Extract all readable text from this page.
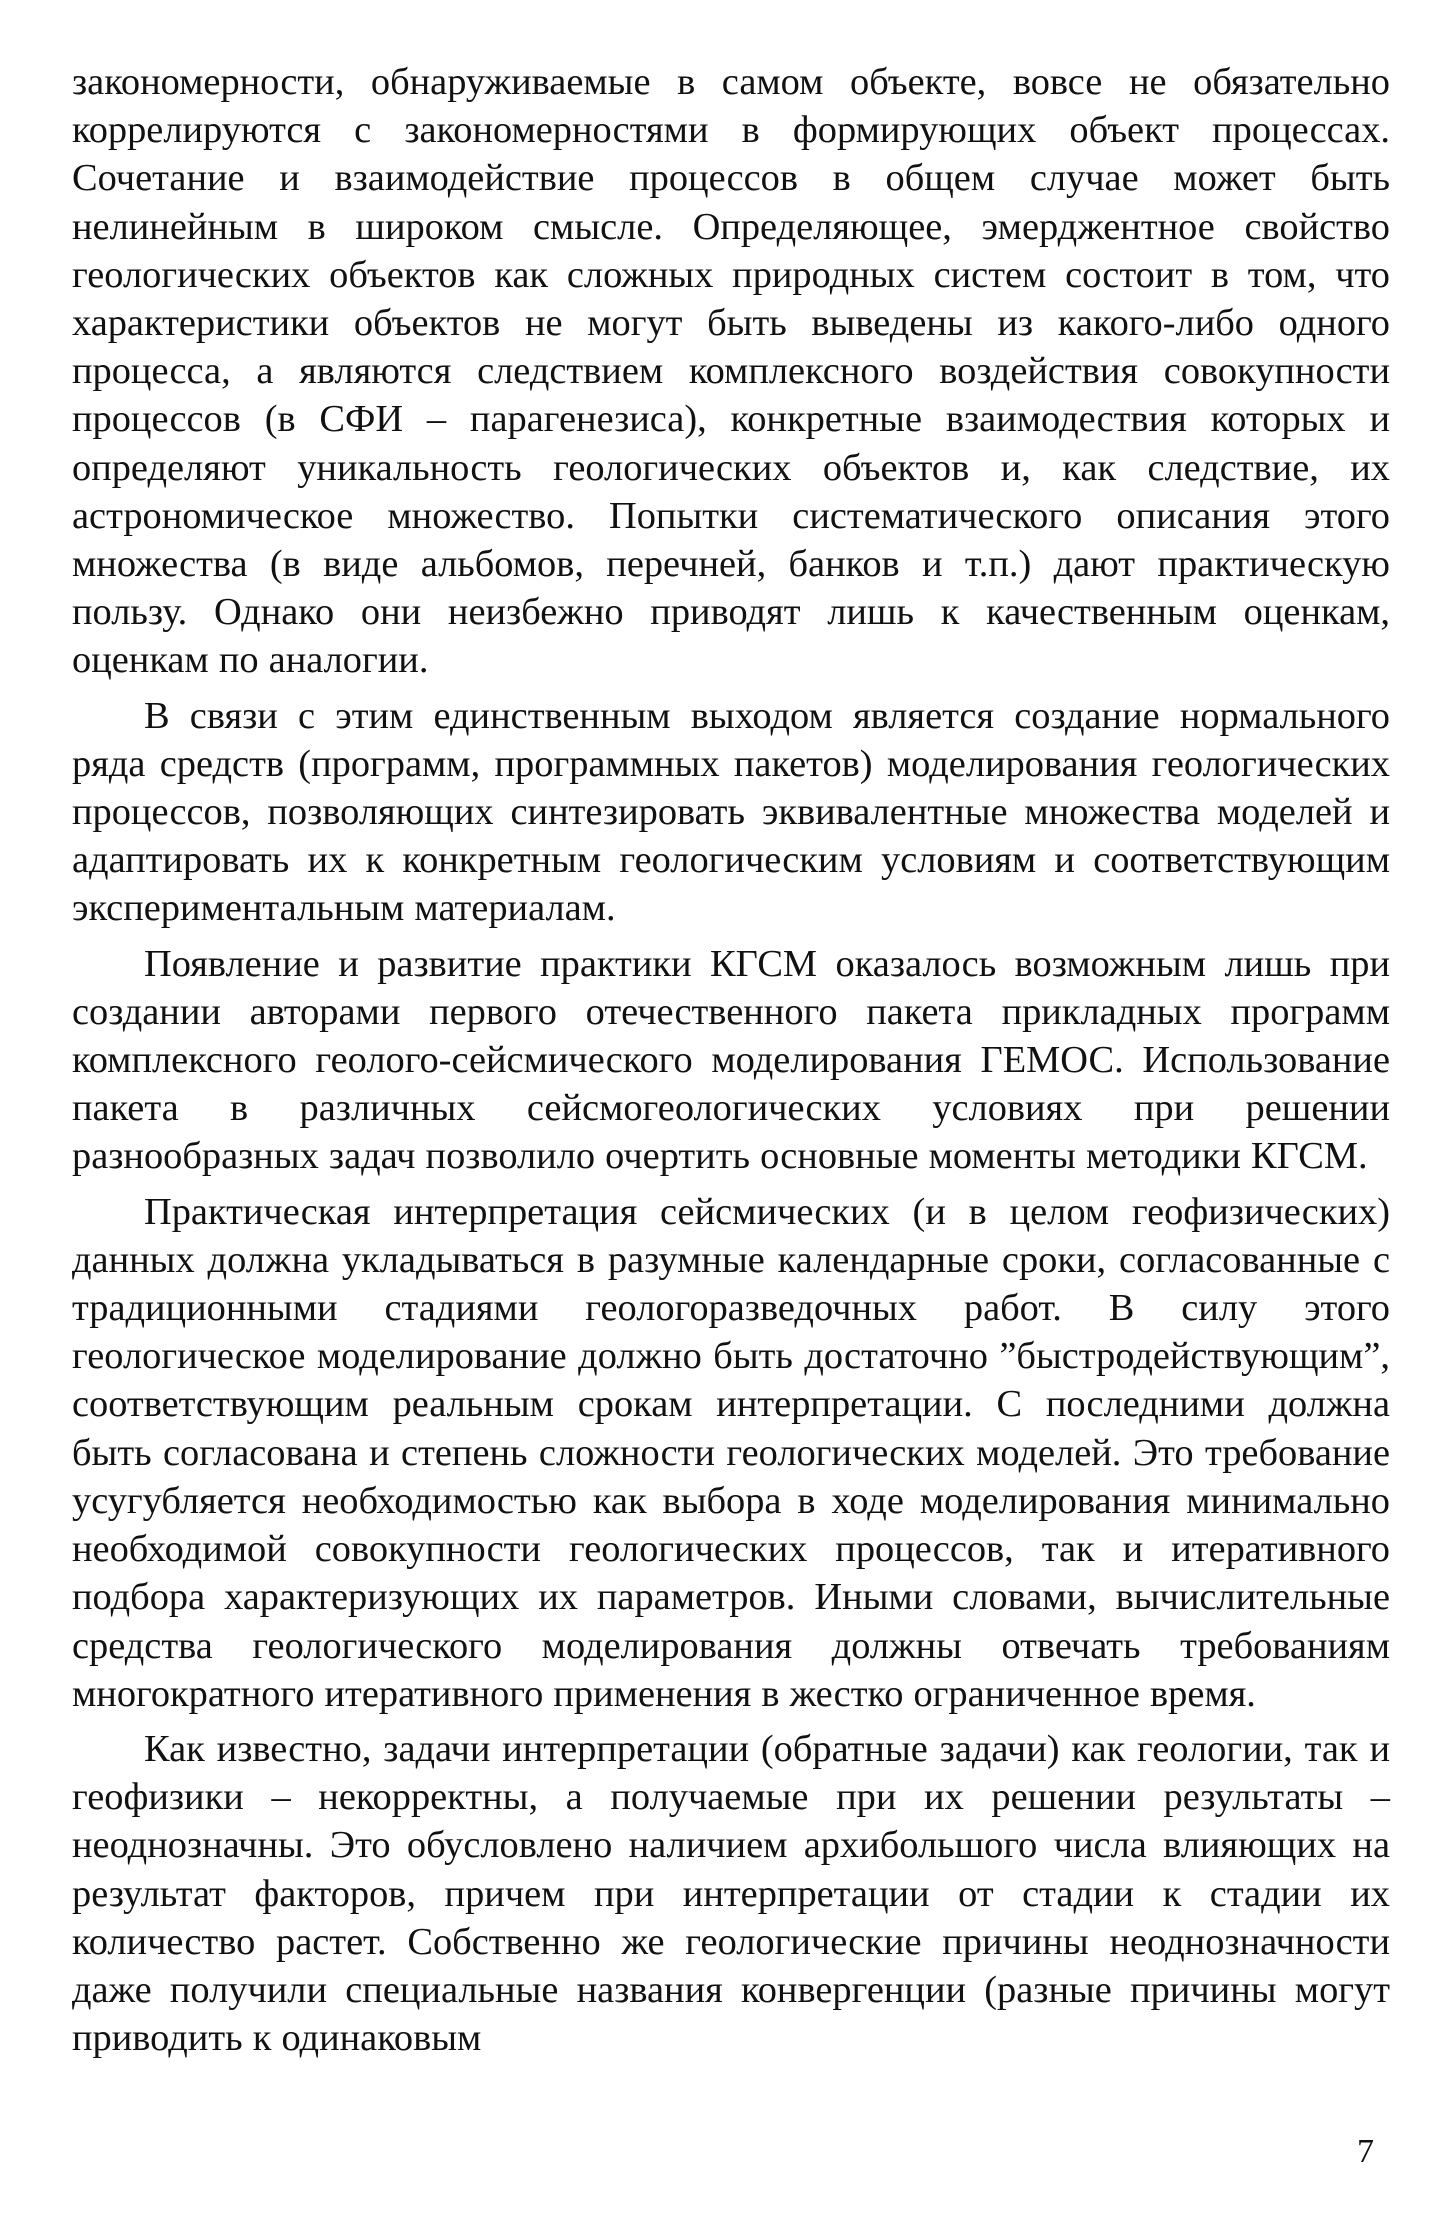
закономерности, обнаруживаемые в самом объекте, вовсе не обязательно коррелируются с закономерностями в формирующих объект процессах. Сочетание и взаимодействие процессов в общем случае может быть нелинейным в широком смысле. Определяющее, эмерджентное свойство геологических объектов как сложных природных систем состоит в том, что характеристики объектов не могут быть выведены из какого-либо одного процесса, а являются следствием комплексного воздействия совокупности процессов (в СФИ – парагенезиса), конкретные взаимодествия которых и определяют уникальность геологических объектов и, как следствие, их астрономическое множество. Попытки систематического описания этого множества (в виде альбомов, перечней, банков и т.п.) дают практическую пользу. Однако они неизбежно приводят лишь к качественным оценкам, оценкам по аналогии.

В связи с этим единственным выходом является создание нормального ряда средств (программ, программных пакетов) моделирования геологических процессов, позволяющих синтезировать эквивалентные множества моделей и адаптировать их к конкретным геологическим условиям и соответствующим экспериментальным материалам.

Появление и развитие практики КГСМ оказалось возможным лишь при создании авторами первого отечественного пакета прикладных программ комплексного геолого-сейсмического моделирования ГЕМОС. Использование пакета в различных сейсмогеологических условиях при решении разнообразных задач позволило очертить основные моменты методики КГСМ.

Практическая интерпретация сейсмических (и в целом геофизических) данных должна укладываться в разумные календарные сроки, согласованные с традиционными стадиями геологоразведочных работ. В силу этого геологическое моделирование должно быть достаточно ”быстродействующим”, соответствующим реальным срокам интерпретации. С последними должна быть согласована и степень сложности геологических моделей. Это требование усугубляется необходимостью как выбора в ходе моделирования минимально необходимой совокупности геологических процессов, так и итеративного подбора характеризующих их параметров. Иными словами, вычислительные средства геологического моделирования должны отвечать требованиям многократного итеративного применения в жестко ограниченное время.

Как известно, задачи интерпретации (обратные задачи) как геологии, так и геофизики – некорректны, а получаемые при их решении результаты – неоднозначны. Это обусловлено наличием архибольшого числа влияющих на результат факторов, причем при интерпретации от стадии к стадии их количество растет. Собственно же геологические причины неоднозначности даже получили специальные названия конвергенции (разные причины могут приводить к одинаковым

7
